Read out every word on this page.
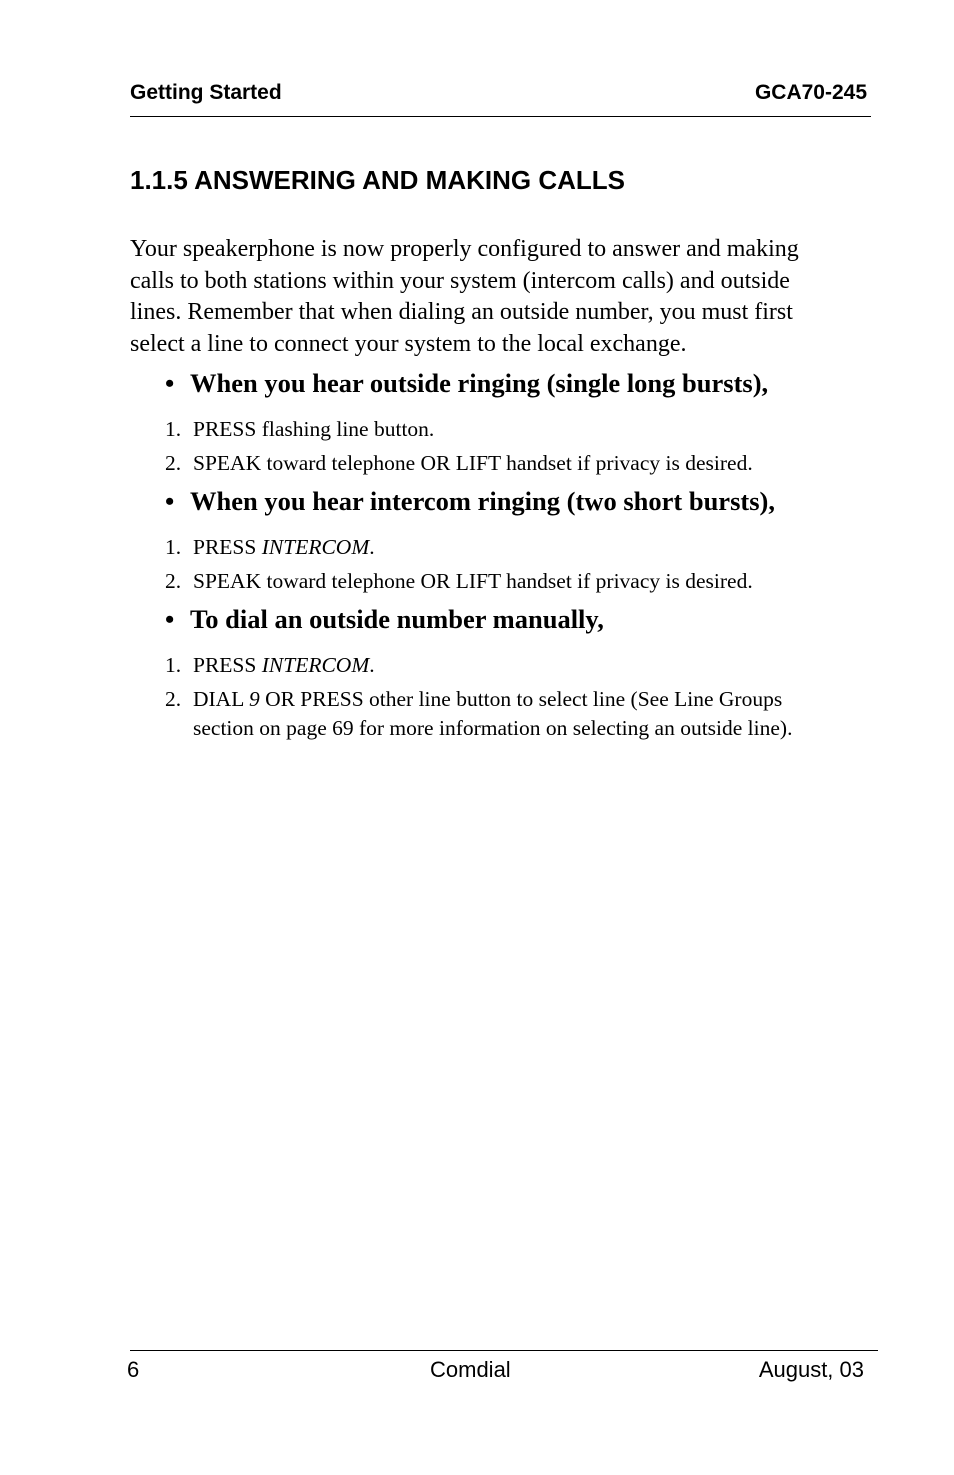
Getting Started	GCA70-245
1.1.5 ANSWERING AND MAKING CALLS

Your speakerphone is now properly configured to answer and making
calls to both stations within your system (intercom calls) and outside
lines. Remember that when dialing an outside number, you must first
select a line to connect your system to the local exchange.

• When you hear outside ringing (single long bursts),
1. PRESS flashing line button.
2. SPEAK toward telephone OR LIFT handset if privacy is desired.
• When you hear intercom ringing (two short bursts),
1. PRESS INTERCOM.
2. SPEAK toward telephone OR LIFT handset if privacy is desired.
• To dial an outside number manually,
1. PRESS INTERCOM.
2. DIAL 9 OR PRESS other line button to select line (See Line Groups
section on page 69 for more information on selecting an outside line).
6	Comdial	August, 03
